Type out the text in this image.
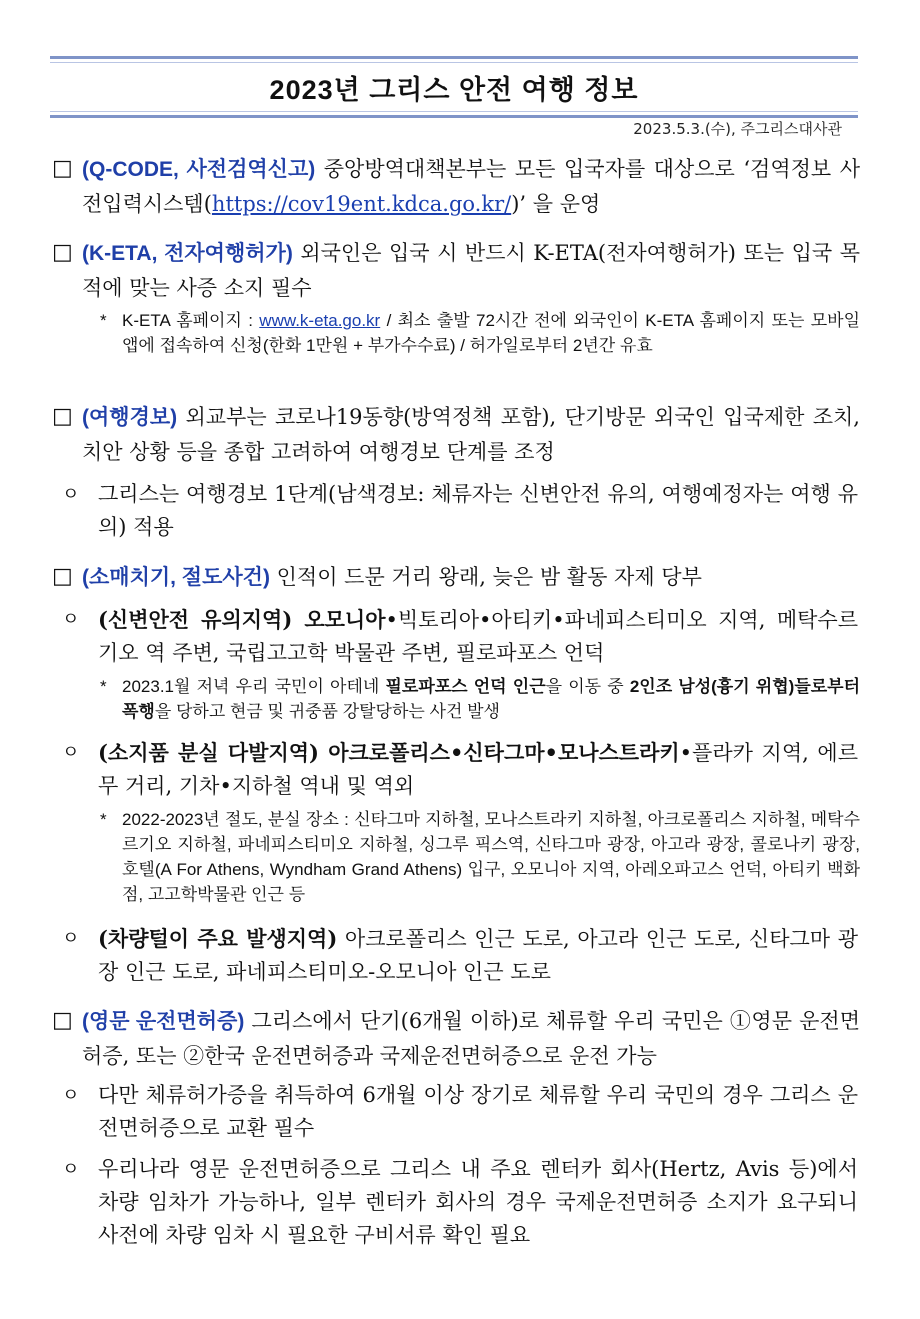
2023년 그리스 안전 여행 정보
2023.5.3.(수), 주그리스대사관
□ (Q-CODE, 사전검역신고) 중앙방역대책본부는 모든 입국자를 대상으로 ‘검역정보 사전입력시스템(https://cov19ent.kdca.go.kr/)’ 을 운영
□ (K-ETA, 전자여행허가) 외국인은 입국 시 반드시 K-ETA(전자여행허가) 또는 입국 목적에 맞는 사증 소지 필수
* K-ETA 홈페이지 : www.k-eta.go.kr / 최소 출발 72시간 전에 외국인이 K-ETA 홈페이지 또는 모바일 앱에 접속하여 신청(한화 1만원 + 부가수수료) / 허가일로부터 2년간 유효
□ (여행경보) 외교부는 코로나19동향(방역정책 포함), 단기방문 외국인 입국제한 조치, 치안 상황 등을 종합 고려하여 여행경보 단계를 조정
ㅇ 그리스는 여행경보 1단계(남색경보: 체류자는 신변안전 유의, 여행예정자는 여행 유의) 적용
□ (소매치기, 절도사건) 인적이 드문 거리 왕래, 늦은 밤 활동 자제 당부
ㅇ (신변안전 유의지역) 오모니아•빅토리아•아티키•파네피스티미오 지역, 메탁수르기오 역 주변, 국립고고학 박물관 주변, 필로파포스 언덕
* 2023.1월 저녁 우리 국민이 아테네 필로파포스 언덕 인근을 이동 중 2인조 남성(흉기 위협)들로부터 폭행을 당하고 현금 및 귀중품 강탈당하는 사건 발생
ㅇ (소지품 분실 다발지역) 아크로폴리스•신타그마•모나스트라키•플라카 지역, 에르무 거리, 기차•지하철 역내 및 역외
* 2022-2023년 절도, 분실 장소 : 신타그마 지하철, 모나스트라키 지하철, 아크로폴리스 지하철, 메탁수르기오 지하철, 파네피스티미오 지하철, 싱그루 픽스역, 신타그마 광장, 아고라 광장, 콜로나키 광장, 호텔(A For Athens, Wyndham Grand Athens) 입구, 오모니아 지역, 아레오파고스 언덕, 아티키 백화점, 고고학박물관 인근 등
ㅇ (차량털이 주요 발생지역) 아크로폴리스 인근 도로, 아고라 인근 도로, 신타그마 광장 인근 도로, 파네피스티미오-오모니아 인근 도로
□ (영문 운전면허증) 그리스에서 단기(6개월 이하)로 체류할 우리 국민은 ①영문 운전면허증, 또는 ②한국 운전면허증과 국제운전면허증으로 운전 가능
ㅇ 다만 체류허가증을 취득하여 6개월 이상 장기로 체류할 우리 국민의 경우 그리스 운전면허증으로 교환 필수
ㅇ 우리나라 영문 운전면허증으로 그리스 내 주요 렌터카 회사(Hertz, Avis 등)에서 차량 임차가 가능하나, 일부 렌터카 회사의 경우 국제운전면허증 소지가 요구되니 사전에 차량 임차 시 필요한 구비서류 확인 필요
